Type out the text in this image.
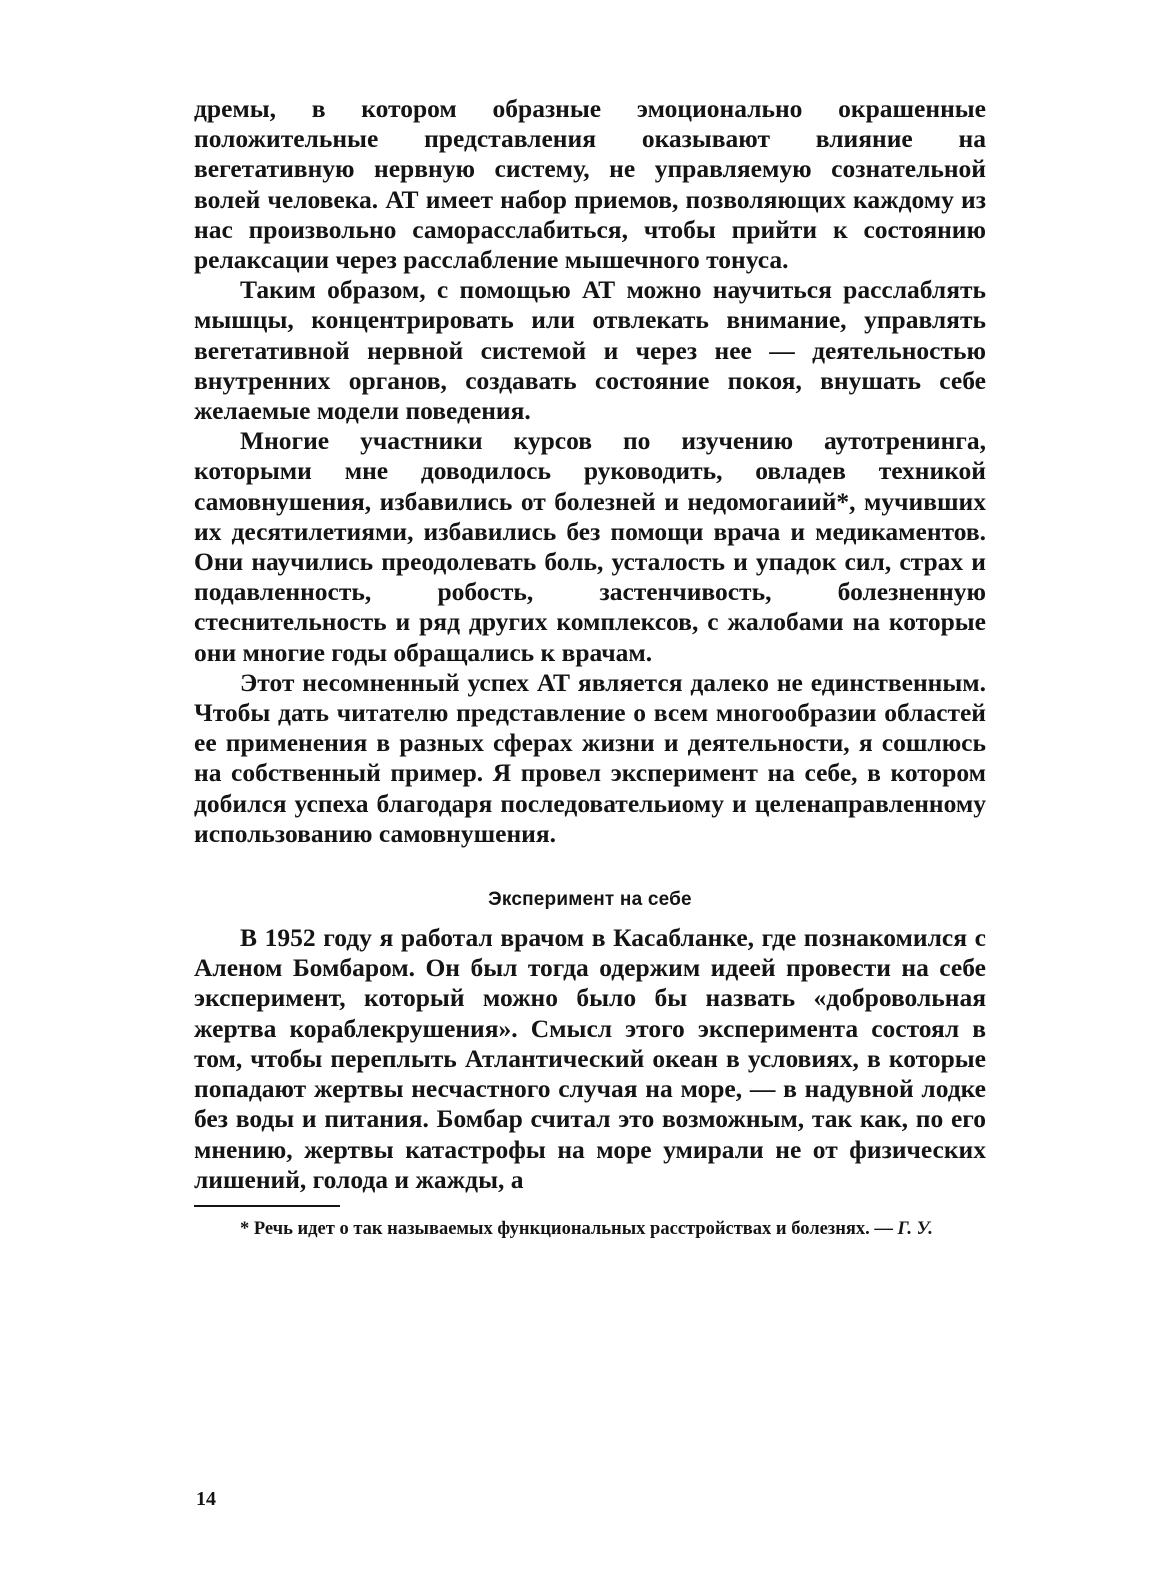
дремы, в котором образные эмоционально окрашенные положительные представления оказывают влияние на вегетативную нервную систему, не управляемую сознательной волей человека. АТ имеет набор приемов, позволяющих каждому из нас произвольно саморасслабиться, чтобы прийти к состоянию релаксации через расслабление мышечного тонуса.

Таким образом, с помощью АТ можно научиться расслаблять мышцы, концентрировать или отвлекать внимание, управлять вегетативной нервной системой и через нее — деятельностью внутренних органов, создавать состояние покоя, внушать себе желаемые модели поведения.

Многие участники курсов по изучению аутотренинга, которыми мне доводилось руководить, овладев техникой самовнушения, избавились от болезней и недомогаиий*, мучивших их десятилетиями, избавились без помощи врача и медикаментов. Они научились преодолевать боль, усталость и упадок сил, страх и подавленность, робость, застенчивость, болезненную стеснительность и ряд других комплексов, с жалобами на которые они многие годы обращались к врачам.

Этот несомненный успех АТ является далеко не единственным. Чтобы дать читателю представление о всем многообразии областей ее применения в разных сферах жизни и деятельности, я сошлюсь на собственный пример. Я провел эксперимент на себе, в котором добился успеха благодаря последовательиому и целенаправленному использованию самовнушения.

Эксперимент на себе

В 1952 году я работал врачом в Касабланке, где познакомился с Аленом Бомбаром. Он был тогда одержим идеей провести на себе эксперимент, который можно было бы назвать «добровольная жертва кораблекрушения». Смысл этого эксперимента состоял в том, чтобы переплыть Атлантический океан в условиях, в которые попадают жертвы несчастного случая на море, — в надувной лодке без воды и питания. Бомбар считал это возможным, так как, по его мнению, жертвы катастрофы на море умирали не от физических лишений, голода и жажды, а

* Речь идет о так называемых функциональных расстройствах и болезнях. — Г. У.

14
